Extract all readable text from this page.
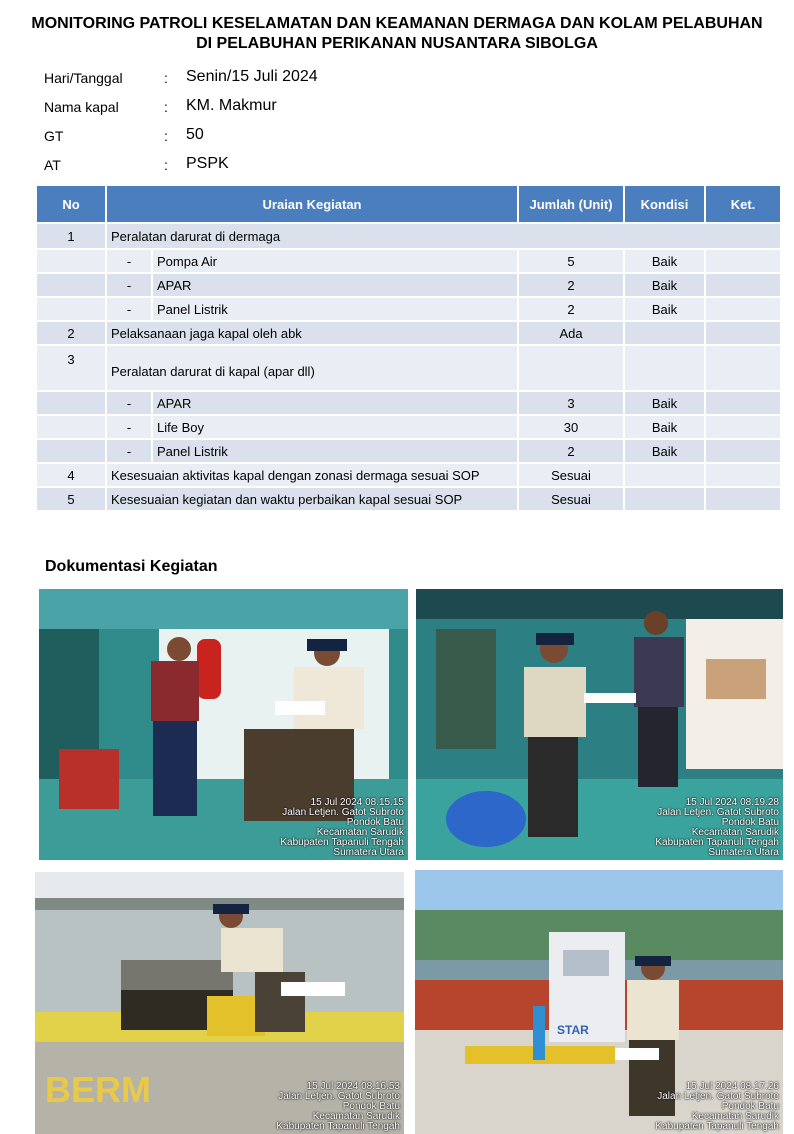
MONITORING PATROLI KESELAMATAN DAN KEAMANAN DERMAGA DAN KOLAM PELABUHAN
DI PELABUHAN PERIKANAN NUSANTARA SIBOLGA
Hari/Tanggal	: Senin/15 Juli 2024
Nama kapal	: KM. Makmur
GT	: 50
AT	: PSPK
No	Uraian Kegiatan		Jumlah (Unit)	Kondisi	Ket.
1	Peralatan darurat di dermaga				
	-	Pompa Air	5	Baik	
	-	APAR	2	Baik	
	-	Panel Listrik	2	Baik	
2	Pelaksanaan jaga kapal oleh abk		Ada		
3	Peralatan darurat di kapal (apar dll)				
	-	APAR	3	Baik	
	-	Life Boy	30	Baik	
	-	Panel Listrik	2	Baik	
4	Kesesuaian aktivitas kapal dengan zonasi dermaga sesuai SOP		Sesuai		
5	Kesesuaian kegiatan dan waktu perbaikan kapal sesuai SOP		Sesuai		
Dokumentasi Kegiatan
15 Jul 2024 08.15.15
Jalan Letjen. Gatot Subroto
Pondok Batu
Kecamatan Sarudik
Kabupaten Tapanuli Tengah
Sumatera Utara
15 Jul 2024 08.19.28
Jalan Letjen. Gatot Subroto
Pondok Batu
Kecamatan Sarudik
Kabupaten Tapanuli Tengah
Sumatera Utara
BERM	15 Jul 2024 08.16.53
Jalan Letjen. Gatot Subroto
Pondok Batu
Kecamatan Sarudik
Kabupaten Tapanuli Tengah
STAR
15 Jul 2024 08.17.26
Jalan Letjen. Gatot Subroto
Pondok Batu
Kecamatan Sarudik
Kabupaten Tapanuli Tengah
